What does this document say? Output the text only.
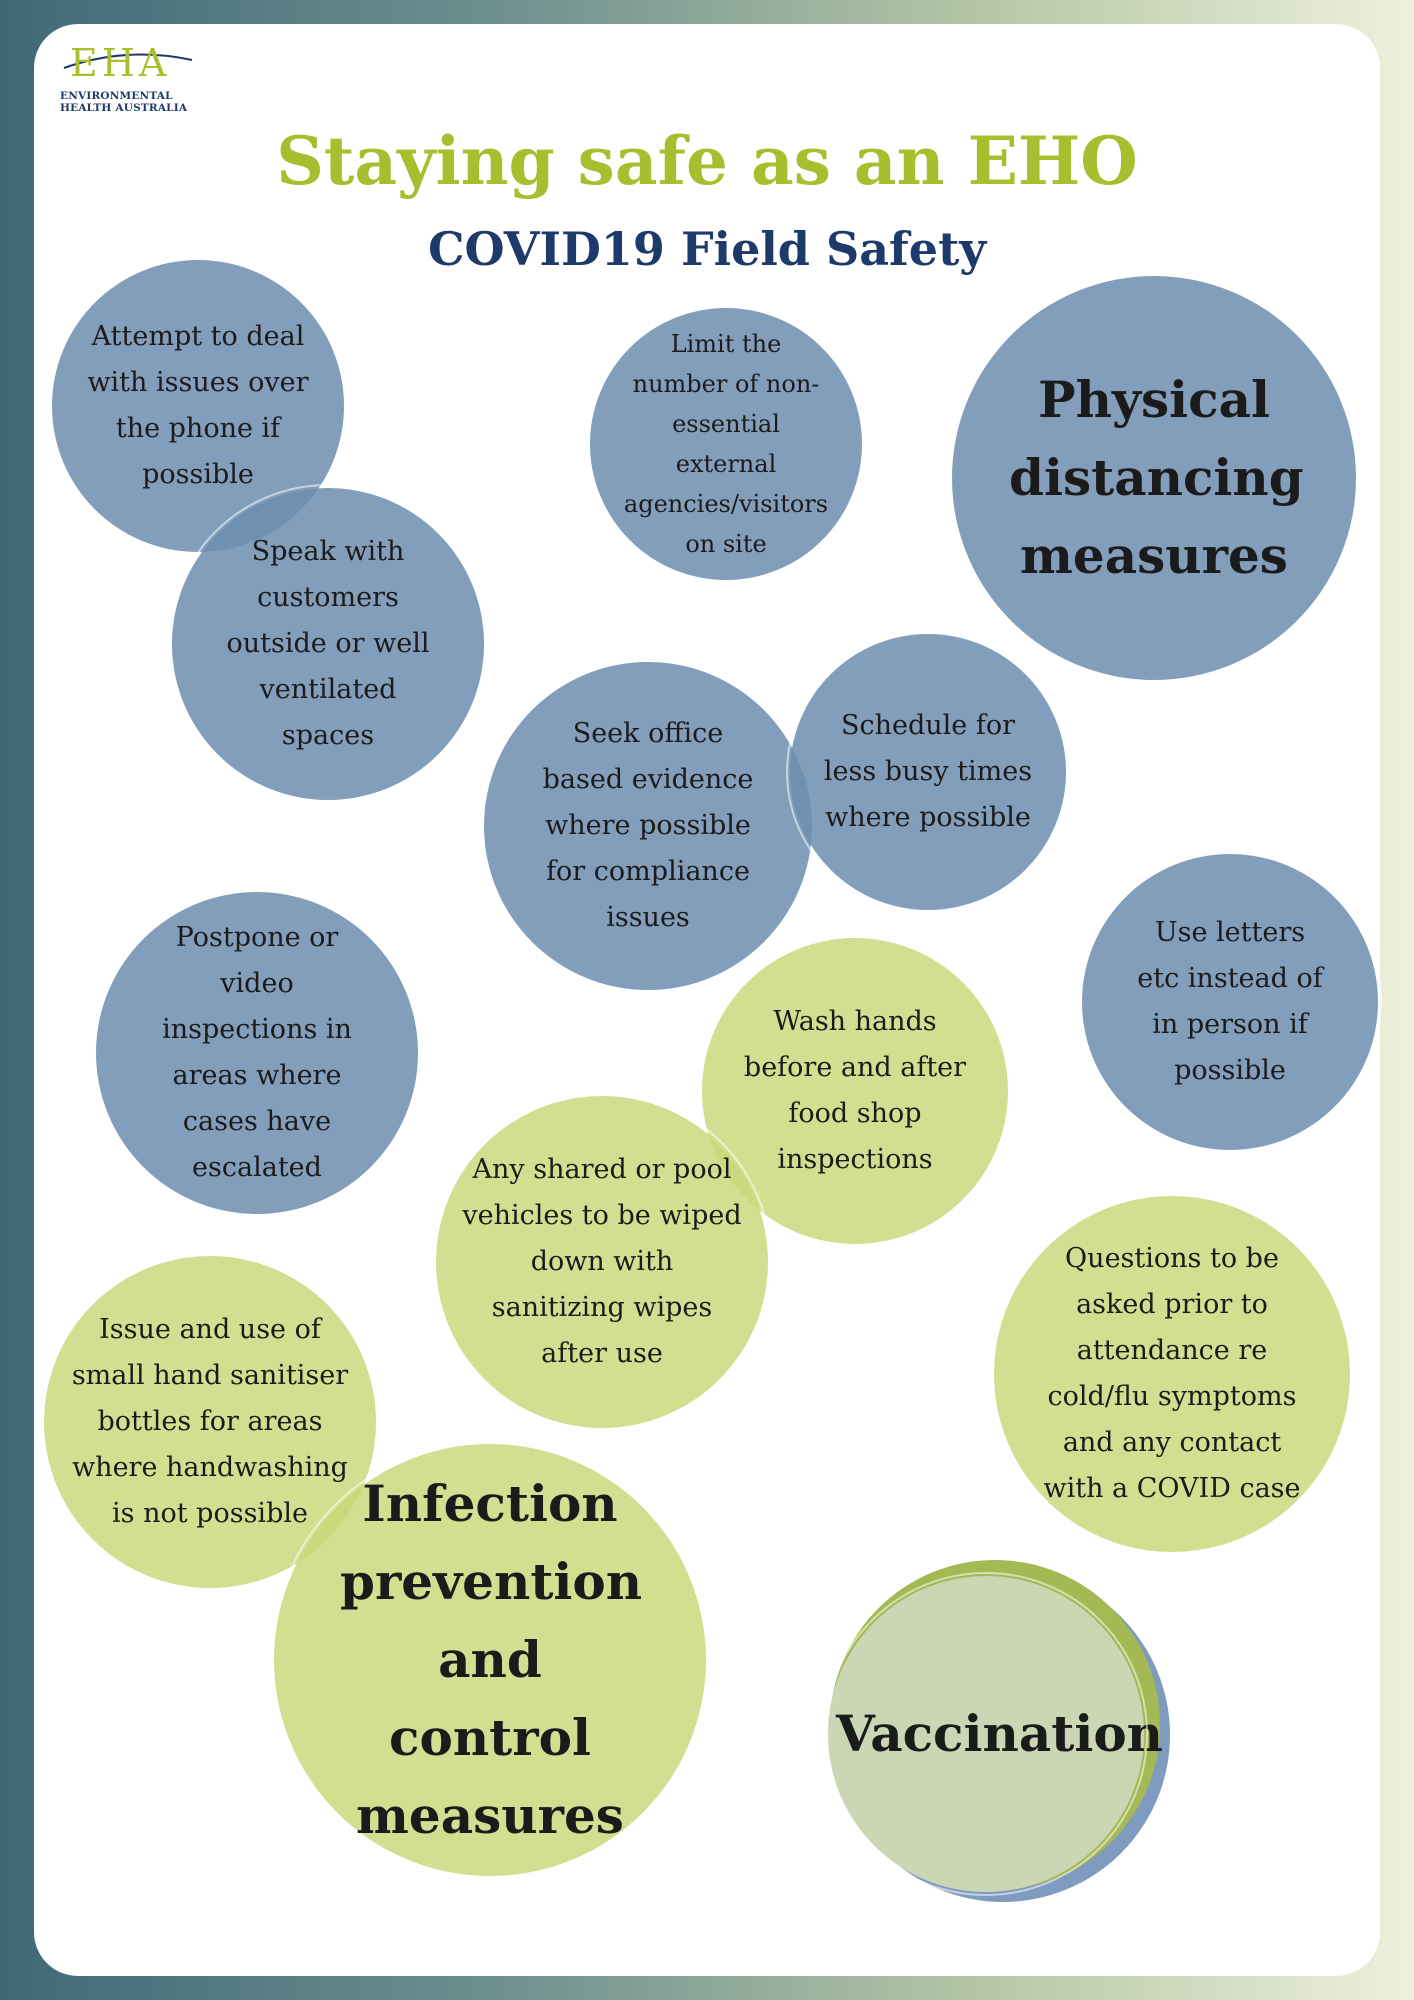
EHA
ENVIRONMENTAL
HEALTH AUSTRALIA
Staying safe as an EHO
COVID19 Field Safety
Attempt to deal with issues over the phone if possible
Speak with customers outside or well ventilated spaces
Limit the number of non-essential external agencies/visitors on site
Physical distancing measures
Seek office based evidence where possible for compliance issues
Schedule for less busy times where possible
Postpone or video inspections in areas where cases have escalated
Use letters etc instead of in person if possible
Wash hands before and after food shop inspections
Any shared or pool vehicles to be wiped down with sanitizing wipes after use
Questions to be asked prior to attendance re cold/flu symptoms and any contact with a COVID case
Issue and use of small hand sanitiser bottles for areas where handwashing is not possible	Infection prevention and control measures
Vaccination
